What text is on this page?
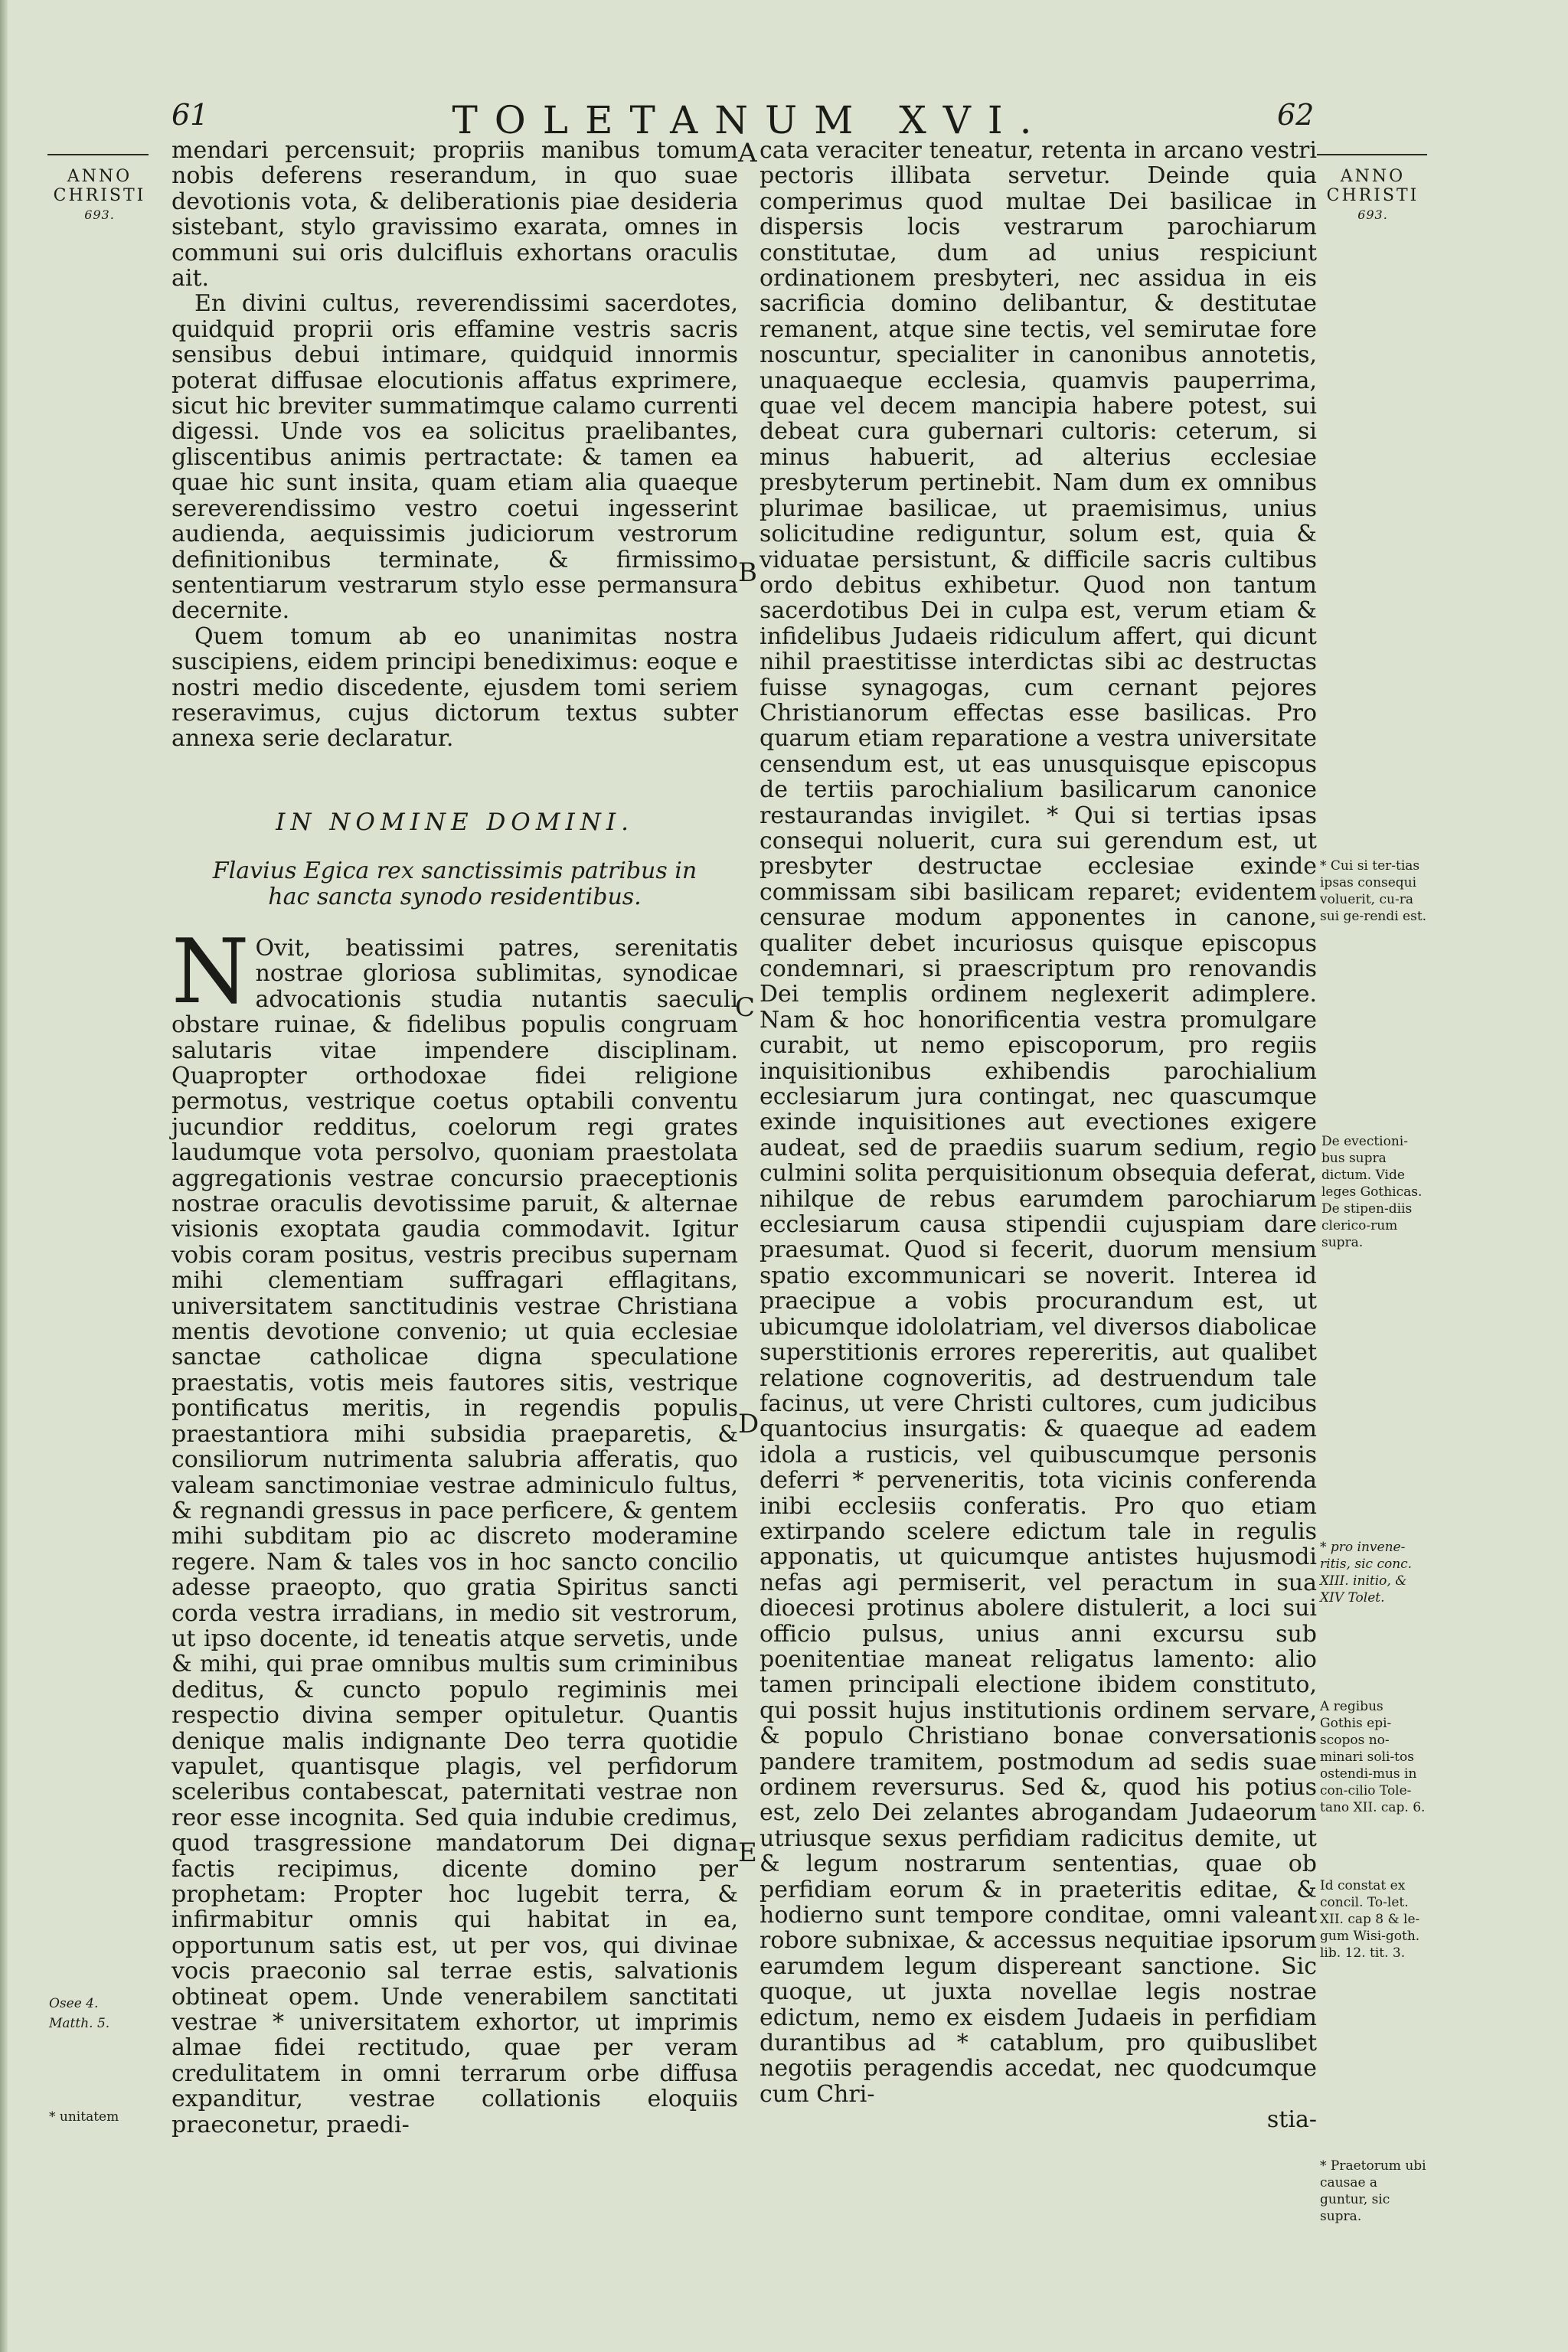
61	TOLETANUM XVI.	62
ANNO
CHRISTI
693.
Osee 4.
Matth. 5.
* unitatem
A
B
C
D
E

mendari percensuit; propriis manibus tomum nobis deferens reserandum, in quo suae devotionis vota, & deliberationis piae desideria sistebant, stylo gravissimo exarata, omnes in communi sui oris dulcifluis exhortans oraculis ait.

En divini cultus, reverendissimi sacerdotes, quidquid proprii oris effamine vestris sacris sensibus debui intimare, quidquid innormis poterat diffusae elocutionis affatus exprimere, sicut hic breviter summatimque calamo currenti digessi. Unde vos ea solicitus praelibantes, gliscentibus animis pertractate: & tamen ea quae hic sunt insita, quam etiam alia quaeque sereverendissimo vestro coetui ingesserint audienda, aequissimis judiciorum vestrorum definitionibus terminate, & firmissimo sententiarum vestrarum stylo esse permansura decernite.

Quem tomum ab eo unanimitas nostra suscipiens, eidem principi benediximus: eoque e nostri medio discedente, ejusdem tomi seriem reseravimus, cujus dictorum textus subter annexa serie declaratur.

IN NOMINE DOMINI.

Flavius Egica rex sanctissimis patribus in hac sancta synodo residentibus.

NOvit, beatissimi patres, serenitatis nostrae gloriosa sublimitas, synodicae advocationis studia nutantis saeculi obstare ruinae, & fidelibus populis congruam salutaris vitae impendere disciplinam. Quapropter orthodoxae fidei religione permotus, vestrique coetus optabili conventu jucundior redditus, coelorum regi grates laudumque vota persolvo, quoniam praestolata aggregationis vestrae concursio praeceptionis nostrae oraculis devotissime paruit, & alternae visionis exoptata gaudia commodavit. Igitur vobis coram positus, vestris precibus supernam mihi clementiam suffragari efflagitans, universitatem sanctitudinis vestrae Christiana mentis devotione convenio; ut quia ecclesiae sanctae catholicae digna speculatione praestatis, votis meis fautores sitis, vestrique pontificatus meritis, in regendis populis praestantiora mihi subsidia praeparetis, & consiliorum nutrimenta salubria afferatis, quo valeam sanctimoniae vestrae adminiculo fultus, & regnandi gressus in pace perficere, & gentem mihi subditam pio ac discreto moderamine regere. Nam & tales vos in hoc sancto concilio adesse praeopto, quo gratia Spiritus sancti corda vestra irradians, in medio sit vestrorum, ut ipso docente, id teneatis atque servetis, unde & mihi, qui prae omnibus multis sum criminibus deditus, & cuncto populo regiminis mei respectio divina semper opituletur. Quantis denique malis indignante Deo terra quotidie vapulet, quantisque plagis, vel perfidorum sceleribus contabescat, paternitati vestrae non reor esse incognita. Sed quia indubie credimus, quod trasgressione mandatorum Dei digna factis recipimus, dicente domino per prophetam: Propter hoc lugebit terra, & infirmabitur omnis qui habitat in ea, opportunum satis est, ut per vos, qui divinae vocis praeconio sal terrae estis, salvationis obtineat opem. Unde venerabilem sanctitati vestrae * universitatem exhortor, ut imprimis almae fidei rectitudo, quae per veram credulitatem in omni terrarum orbe diffusa expanditur, vestrae collationis eloquiis praeconetur, praedi-

cata veraciter teneatur, retenta in arcano vestri pectoris illibata servetur. Deinde quia comperimus quod multae Dei basilicae in dispersis locis vestrarum parochiarum constitutae, dum ad unius respiciunt ordinationem presbyteri, nec assidua in eis sacrificia domino delibantur, & destitutae remanent, atque sine tectis, vel semirutae fore noscuntur, specialiter in canonibus annotetis, unaquaeque ecclesia, quamvis pauperrima, quae vel decem mancipia habere potest, sui debeat cura gubernari cultoris: ceterum, si minus habuerit, ad alterius ecclesiae presbyterum pertinebit. Nam dum ex omnibus plurimae basilicae, ut praemisimus, unius solicitudine rediguntur, solum est, quia & viduatae persistunt, & difficile sacris cultibus ordo debitus exhibetur. Quod non tantum sacerdotibus Dei in culpa est, verum etiam & infidelibus Judaeis ridiculum affert, qui dicunt nihil praestitisse interdictas sibi ac destructas fuisse synagogas, cum cernant pejores Christianorum effectas esse basilicas. Pro quarum etiam reparatione a vestra universitate censendum est, ut eas unusquisque episcopus de tertiis parochialium basilicarum canonice restaurandas invigilet. * Qui si tertias ipsas consequi noluerit, cura sui gerendum est, ut presbyter destructae ecclesiae exinde commissam sibi basilicam reparet; evidentem censurae modum apponentes in canone, qualiter debet incuriosus quisque episcopus condemnari, si praescriptum pro renovandis Dei templis ordinem neglexerit adimplere. Nam & hoc honorificentia vestra promulgare curabit, ut nemo episcoporum, pro regiis inquisitionibus exhibendis parochialium ecclesiarum jura contingat, nec quascumque exinde inquisitiones aut evectiones exigere audeat, sed de praediis suarum sedium, regio culmini solita perquisitionum obsequia deferat, nihilque de rebus earumdem parochiarum ecclesiarum causa stipendii cujuspiam dare praesumat. Quod si fecerit, duorum mensium spatio excommunicari se noverit. Interea id praecipue a vobis procurandum est, ut ubicumque idololatriam, vel diversos diabolicae superstitionis errores repereritis, aut qualibet relatione cognoveritis, ad destruendum tale facinus, ut vere Christi cultores, cum judicibus quantocius insurgatis: & quaeque ad eadem idola a rusticis, vel quibuscumque personis deferri * perveneritis, tota vicinis conferenda inibi ecclesiis conferatis. Pro quo etiam extirpando scelere edictum tale in regulis apponatis, ut quicumque antistes hujusmodi nefas agi permiserit, vel peractum in sua dioecesi protinus abolere distulerit, a loci sui officio pulsus, unius anni excursu sub poenitentiae maneat religatus lamento: alio tamen principali electione ibidem constituto, qui possit hujus institutionis ordinem servare, & populo Christiano bonae conversationis pandere tramitem, postmodum ad sedis suae ordinem reversurus. Sed &, quod his potius est, zelo Dei zelantes abrogandam Judaeorum utriusque sexus perfidiam radicitus demite, ut & legum nostrarum sententias, quae ob perfidiam eorum & in praeteritis editae, & hodierno sunt tempore conditae, omni valeant robore subnixae, & accessus nequitiae ipsorum earumdem legum dispereant sanctione. Sic quoque, ut juxta novellae legis nostrae edictum, nemo ex eisdem Judaeis in perfidiam durantibus ad * catablum, pro quibuslibet negotiis peragendis accedat, nec quodcumque cum Chri-

stia-

ANNO
CHRISTI
693.
* Cui si ter-tias ipsas consequi voluerit, cu-ra sui ge-rendi est.
De evectioni-bus supra dictum. Vide leges Gothicas. De stipen-diis clerico-rum supra.
* pro invene-ritis, sic conc. XIII. initio, & XIV Tolet.
A regibus Gothis epi-scopos no-minari soli-tos ostendi-mus in con-cilio Tole-tano XII. cap. 6.
Id constat ex concil. To-let. XII. cap 8 & le-gum Wisi-goth. lib. 12. tit. 3.
* Praetorum ubi causae a guntur, sic supra.
